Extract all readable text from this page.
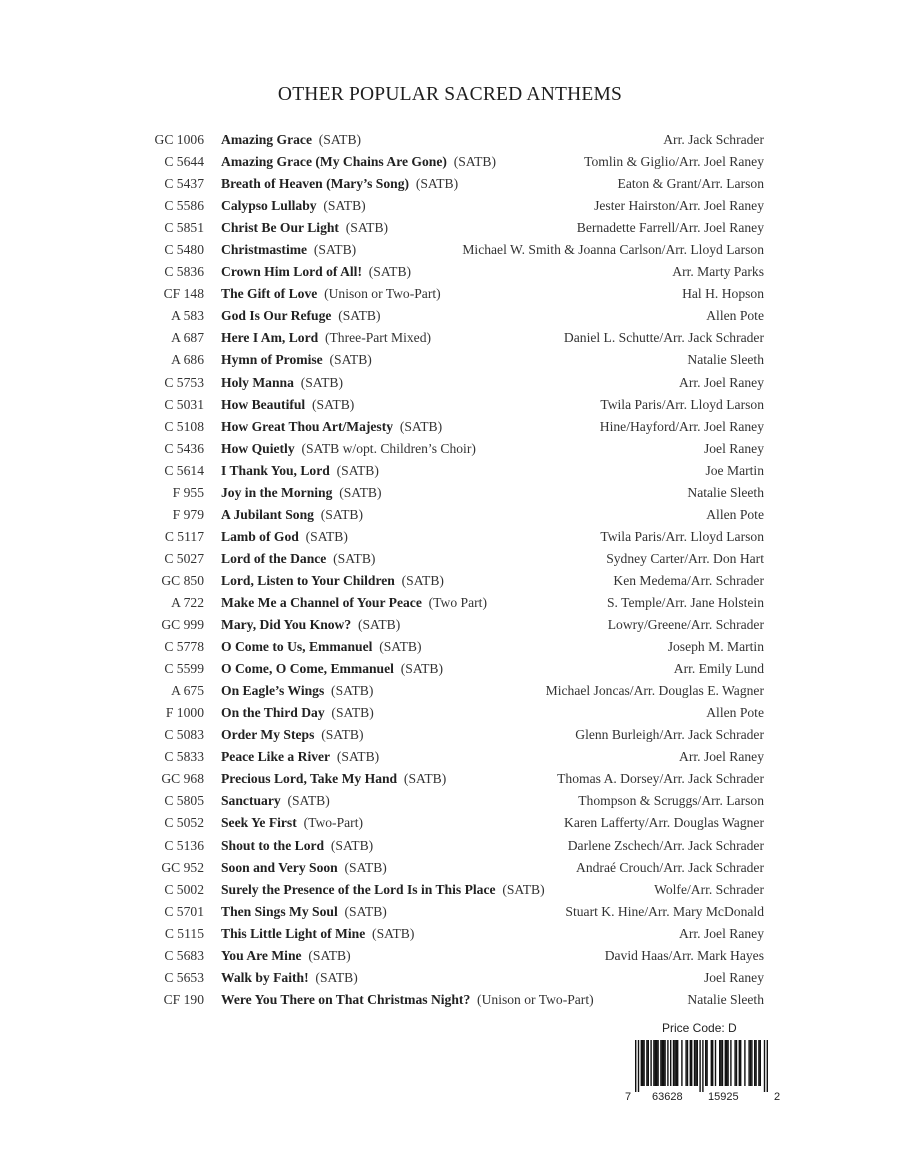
OTHER POPULAR SACRED ANTHEMS
GC 1006 Amazing Grace  (SATB)	Arr. Jack Schrader
C 5644 Amazing Grace (My Chains Are Gone)  (SATB)	Tomlin & Giglio/Arr. Joel Raney
C 5437 Breath of Heaven (Mary’s Song)  (SATB)	Eaton & Grant/Arr. Larson
C 5586 Calypso Lullaby  (SATB)	Jester Hairston/Arr. Joel Raney
C 5851 Christ Be Our Light  (SATB)	Bernadette Farrell/Arr. Joel Raney
C 5480 Christmastime  (SATB)	Michael W. Smith & Joanna Carlson/Arr. Lloyd Larson
C 5836 Crown Him Lord of All!  (SATB)	Arr. Marty Parks
CF 148 The Gift of Love  (Unison or Two-Part)	Hal H. Hopson
A 583 God Is Our Refuge  (SATB)	Allen Pote
A 687 Here I Am, Lord  (Three-Part Mixed)	Daniel L. Schutte/Arr. Jack Schrader
A 686 Hymn of Promise  (SATB)	Natalie Sleeth
C 5753 Holy Manna  (SATB)	Arr. Joel Raney
C 5031 How Beautiful  (SATB)	Twila Paris/Arr. Lloyd Larson
C 5108 How Great Thou Art/Majesty  (SATB)	Hine/Hayford/Arr. Joel Raney
C 5436 How Quietly  (SATB w/opt. Children’s Choir)	Joel Raney
C 5614 I Thank You, Lord  (SATB)	Joe Martin
F 955 Joy in the Morning  (SATB)	Natalie Sleeth
F 979 A Jubilant Song  (SATB)	Allen Pote
C 5117 Lamb of God  (SATB)	Twila Paris/Arr. Lloyd Larson
C 5027 Lord of the Dance  (SATB)	Sydney Carter/Arr. Don Hart
GC 850 Lord, Listen to Your Children  (SATB)	Ken Medema/Arr. Schrader
A 722 Make Me a Channel of Your Peace  (Two Part)	S. Temple/Arr. Jane Holstein
GC 999 Mary, Did You Know?  (SATB)	Lowry/Greene/Arr. Schrader
C 5778 O Come to Us, Emmanuel  (SATB)	Joseph M. Martin
C 5599 O Come, O Come, Emmanuel  (SATB)	Arr. Emily Lund
A 675 On Eagle’s Wings  (SATB)	Michael Joncas/Arr. Douglas E. Wagner
F 1000 On the Third Day  (SATB)	Allen Pote
C 5083 Order My Steps  (SATB)	Glenn Burleigh/Arr. Jack Schrader
C 5833 Peace Like a River  (SATB)	Arr. Joel Raney
GC 968 Precious Lord, Take My Hand  (SATB)	Thomas A. Dorsey/Arr. Jack Schrader
C 5805 Sanctuary  (SATB)	Thompson & Scruggs/Arr. Larson
C 5052 Seek Ye First  (Two-Part)	Karen Lafferty/Arr. Douglas Wagner
C 5136 Shout to the Lord  (SATB)	Darlene Zschech/Arr. Jack Schrader
GC 952 Soon and Very Soon  (SATB)	Andraé Crouch/Arr. Jack Schrader
C 5002 Surely the Presence of the Lord Is in This Place  (SATB)	Wolfe/Arr. Schrader
C 5701 Then Sings My Soul  (SATB)	Stuart K. Hine/Arr. Mary McDonald
C 5115 This Little Light of Mine  (SATB)	Arr. Joel Raney
C 5683 You Are Mine  (SATB)	David Haas/Arr. Mark Hayes
C 5653 Walk by Faith!  (SATB)	Joel Raney
CF 190 Were You There on That Christmas Night?  (Unison or Two-Part)	Natalie Sleeth
Price Code: D
7 63628 15925	2
